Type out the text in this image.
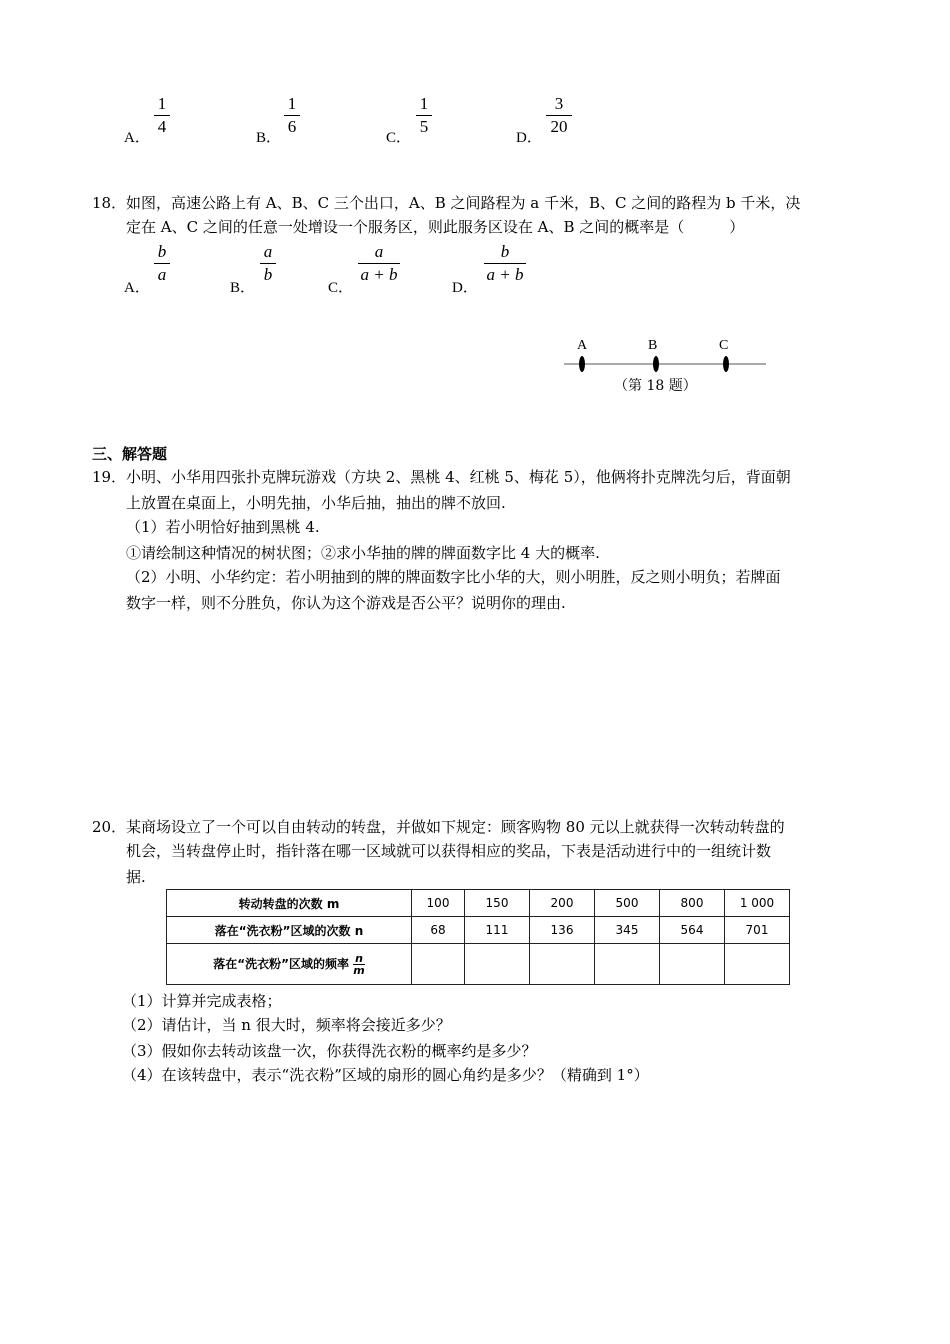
A．
1
4
B．
1
6
C．
1
5
D．
3
20
18． 如图，高速公路上有 A、B、C 三个出口，A、B 之间路程为 a 千米，B、C 之间的路程为 b 千米，决
定在 A、C 之间的任意一处增设一个服务区，则此服务区设在 A、B 之间的概率是（　　　）
A．
b
a
B．
a
b
C．
a
a + b
D．
b
a + b
A	B	C
（第 18 题）
三、解答题
19． 小明、小华用四张扑克牌玩游戏（方块 2、黑桃 4、红桃 5、梅花 5），他俩将扑克牌洗匀后，背面朝
上放置在桌面上，小明先抽，小华后抽，抽出的牌不放回.
（1）若小明恰好抽到黑桃 4.
①请绘制这种情况的树状图；②求小华抽的牌的牌面数字比 4 大的概率.
（2）小明、小华约定：若小明抽到的牌的牌面数字比小华的大，则小明胜，反之则小明负；若牌面
数字一样，则不分胜负，你认为这个游戏是否公平？说明你的理由.
20． 某商场设立了一个可以自由转动的转盘，并做如下规定：顾客购物 80 元以上就获得一次转动转盘的
机会，当转盘停止时，指针落在哪一区域就可以获得相应的奖品，下表是活动进行中的一组统计数
据.
转动转盘的次数 m	100	150	200	500	800	1 000
落在“洗衣粉”区域的次数 n	68	111	136	345	564	701
落在“洗衣粉”区域的频率 $\frac{n}{m}$

（1）计算并完成表格；
（2）请估计，当 n 很大时，频率将会接近多少？
（3）假如你去转动该盘一次，你获得洗衣粉的概率约是多少？
（4）在该转盘中，表示“洗衣粉”区域的扇形的圆心角约是多少？（精确到 1°）
